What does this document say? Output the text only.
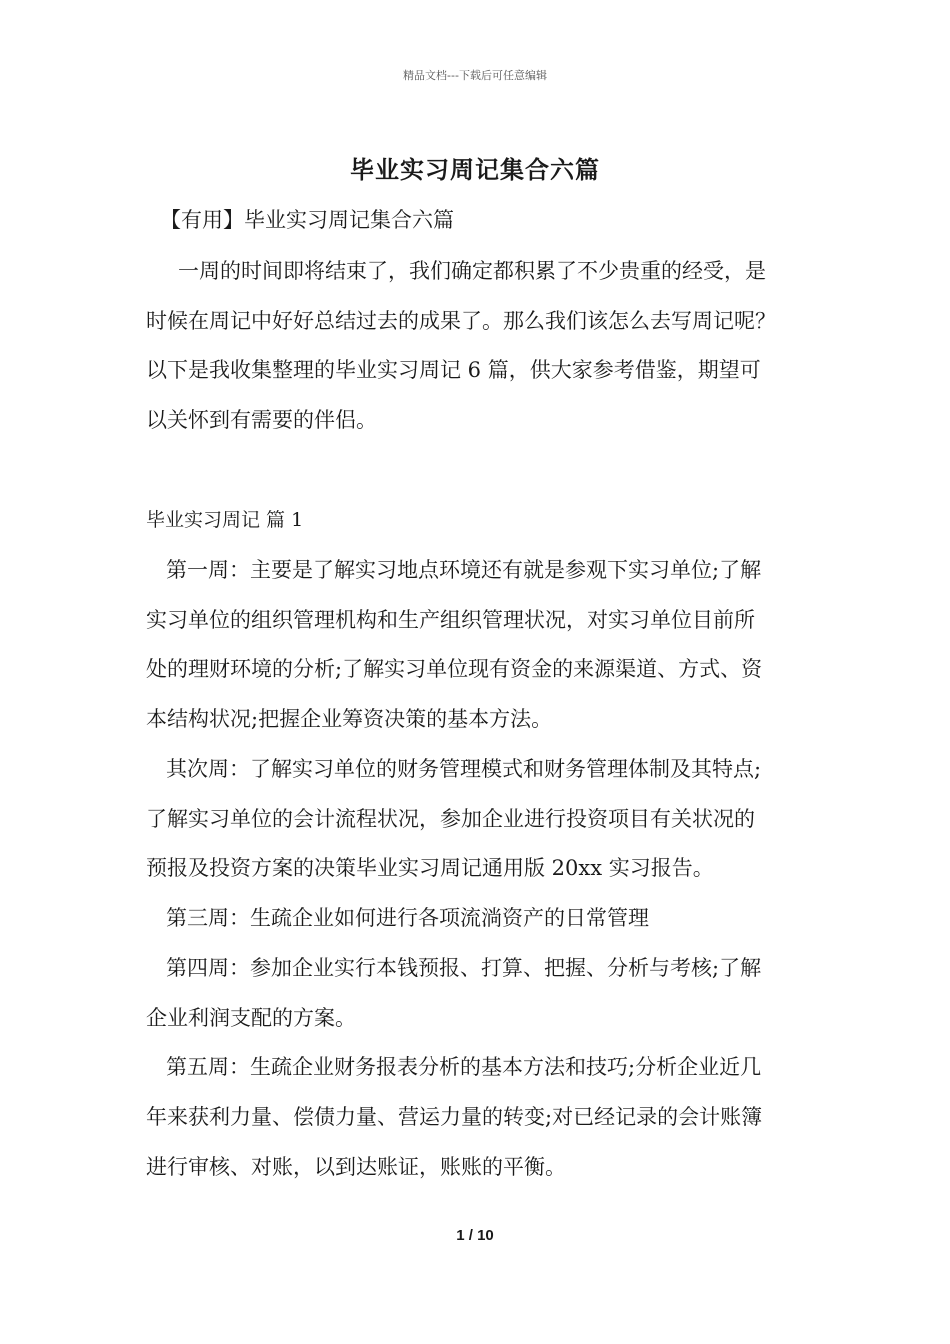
精品文档---下载后可任意编辑
毕业实习周记集合六篇
【有用】毕业实习周记集合六篇
一周的时间即将结束了，我们确定都积累了不少贵重的经受，是
时候在周记中好好总结过去的成果了。那么我们该怎么去写周记呢？
以下是我收集整理的毕业实习周记 6 篇，供大家参考借鉴，期望可
以关怀到有需要的伴侣。
毕业实习周记 篇 1
第一周：主要是了解实习地点环境还有就是参观下实习单位;了解
实习单位的组织管理机构和生产组织管理状况，对实习单位目前所
处的理财环境的分析;了解实习单位现有资金的来源渠道、方式、资
本结构状况;把握企业筹资决策的基本方法。
其次周：了解实习单位的财务管理模式和财务管理体制及其特点;
了解实习单位的会计流程状况，参加企业进行投资项目有关状况的
预报及投资方案的决策毕业实习周记通用版 20xx 实习报告。
第三周：生疏企业如何进行各项流淌资产的日常管理
第四周：参加企业实行本钱预报、打算、把握、分析与考核;了解
企业利润支配的方案。
第五周：生疏企业财务报表分析的基本方法和技巧;分析企业近几
年来获利力量、偿债力量、营运力量的转变;对已经记录的会计账簿
进行审核、对账，以到达账证，账账的平衡。
1 / 10
